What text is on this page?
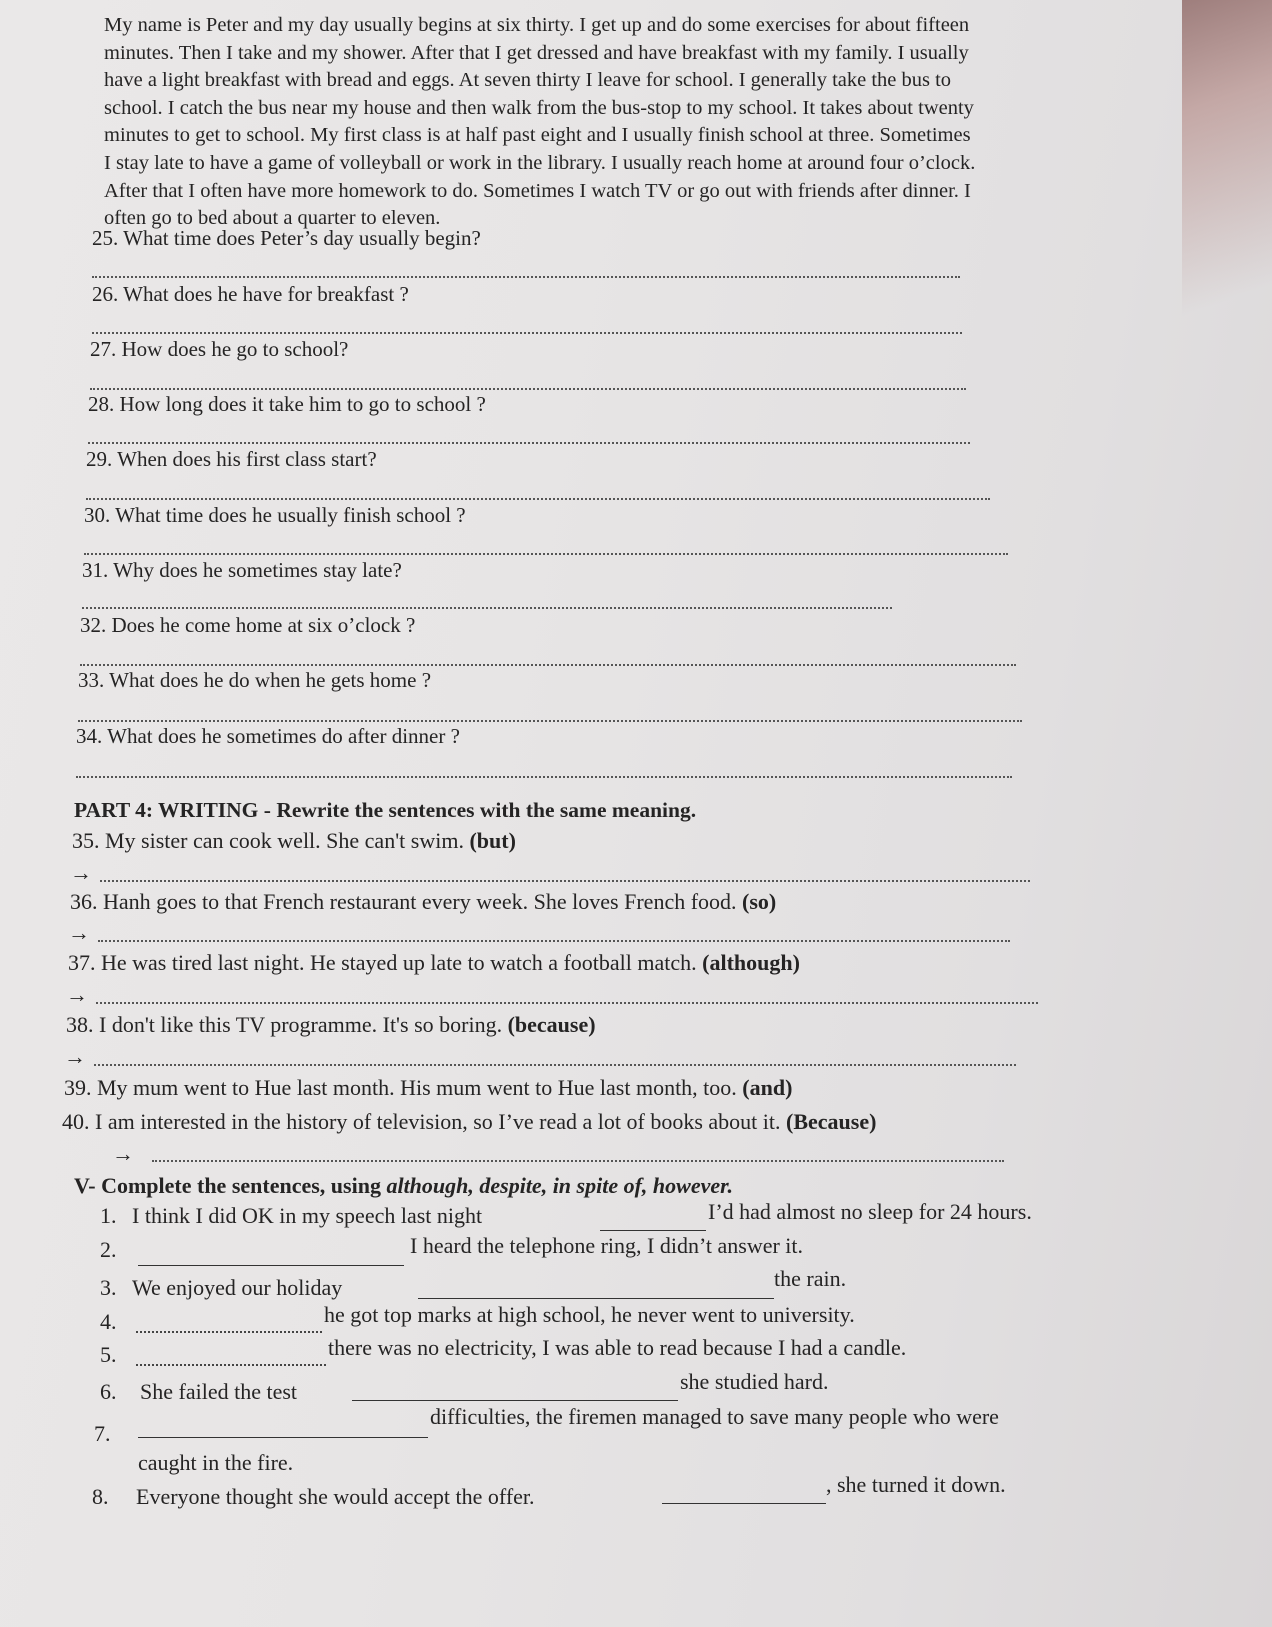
My name is Peter and my day usually begins at six thirty. I get up and do some exercises for about fifteen
minutes. Then I take and my shower. After that I get dressed and have breakfast with my family. I usually
have a light breakfast with bread and eggs. At seven thirty I leave for school. I generally take the bus to
school. I catch the bus near my house and then walk from the bus-stop to my school. It takes about twenty
minutes to get to school. My first class is at half past eight and I usually finish school at three. Sometimes
I stay late to have a game of volleyball or work in the library. I usually reach home at around four o’clock.
After that I often have more homework to do. Sometimes I watch TV or go out with friends after dinner. I
often go to bed about a quarter to eleven.
25. What time does Peter’s day usually begin?
26. What does he have for breakfast ?
27. How does he go to school?
28. How long does it take him to go to school ?
29. When does his first class start?
30. What time does he usually finish school ?
31. Why does he sometimes stay late?
32. Does he come home at six o’clock ?
33. What does he do when he gets home ?
34. What does he sometimes do after dinner ?
PART 4: WRITING - Rewrite the sentences with the same meaning.
35. My sister can cook well. She can't swim. (but)
→
36. Hanh goes to that French restaurant every week. She loves French food. (so)
→
37. He was tired last night. He stayed up late to watch a football match. (although)
→
38. I don't like this TV programme. It's so boring. (because)
→
39. My mum went to Hue last month. His mum went to Hue last month, too. (and)
40. I am interested in the history of television, so I’ve read a lot of books about it. (Because)
→
V- Complete the sentences, using although, despite, in spite of, however.
1. I think I did OK in my speech last night	I’d had almost no sleep for 24 hours.
2.	I heard the telephone ring, I didn’t answer it.
3. We enjoyed our holiday	the rain.
4.	he got top marks at high school, he never went to university.
5.	there was no electricity, I was able to read because I had a candle.
6. She failed the test	she studied hard.
7.
difficulties, the firemen managed to save many people who were
caught in the fire.
8. Everyone thought she would accept the offer.	, she turned it down.
